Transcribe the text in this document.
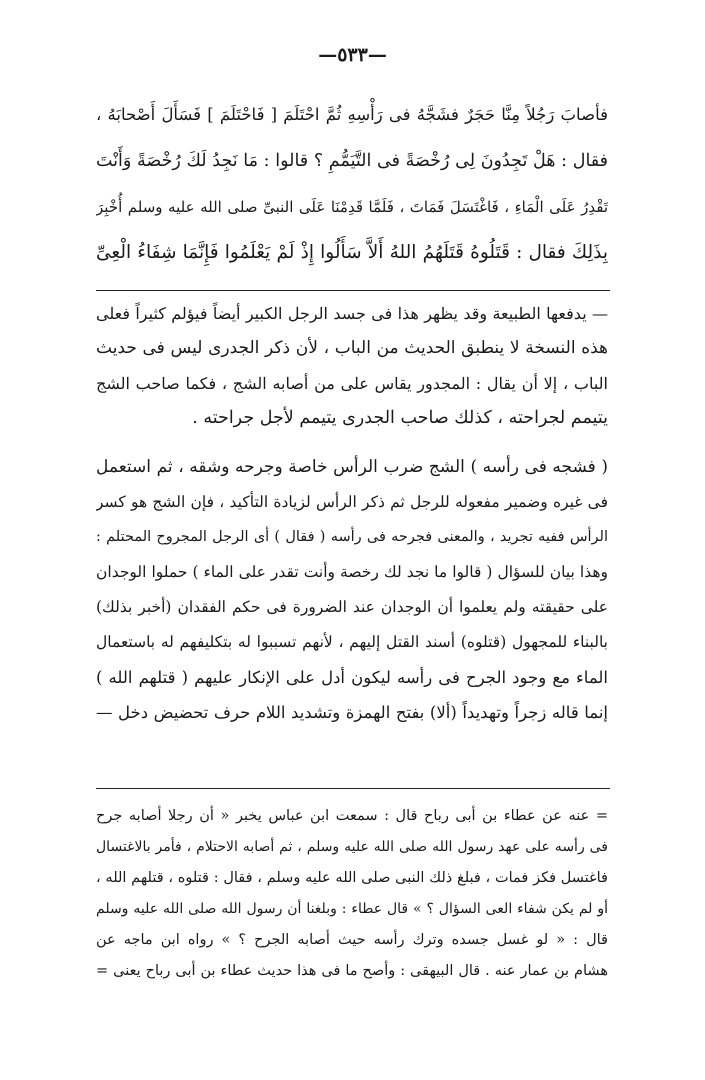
—٥٣٣—
فأصابَ رَجُلاً مِنَّا حَجَرٌ فشَجَّهُ فى رَأْسِهِ ثُمَّ احْتَلَمَ [ فَاحْتَلَمَ ] فَسَأَلَ أَصْحابَهُ ،
فقال : هَلْ تَجِدُونَ لِى رُخْصَةً فى التَّيَمُّمِ ؟ قالوا : مَا نَجِدُ لَكَ رُخْصَةً وَأَنْتَ
تَقْدِرُ عَلَى الْمَاءِ ، فَاغْتَسَلَ فَمَاتَ ، فَلَمَّا قَدِمْنَا عَلَى النبىِّ صلى الله عليه وسلم أُخْبِرَ
بِذَلِكَ فقال : قَتَلُوهُ قَتَلَهُمُ اللهُ أَلاَّ سَأَلُوا إِذْ لَمْ يَعْلَمُوا فَإِنَّمَا شِفَاءُ الْعِىِّ
— يدفعها الطبيعة وقد يظهر هذا فى جسد الرجل الكبير أيضاً فيؤلم كثيراً فعلى
هذه النسخة لا ينطبق الحديث من الباب ، لأن ذكر الجدرى ليس فى حديث
الباب ، إلا أن يقال : المجدور يقاس على من أصابه الشج ، فكما صاحب الشج
يتيمم لجراحته ، كذلك صاحب الجدرى يتيمم لأجل جراحته .
( فشجه فى رأسه ) الشج ضرب الرأس خاصة وجرحه وشقه ، ثم استعمل
فى غيره وضمير مفعوله للرجل ثم ذكر الرأس لزيادة التأكيد ، فإن الشج هو كسر
الرأس ففيه تجريد ، والمعنى فجرحه فى رأسه ( فقال ) أى الرجل المجروح المحتلم :
وهذا بيان للسؤال ( قالوا ما نجد لك رخصة وأنت تقدر على الماء ) حملوا الوجدان
على حقيقته ولم يعلموا أن الوجدان عند الضرورة فى حكم الفقدان (أخبر بذلك)
بالبناء للمجهول (قتلوه) أسند القتل إليهم ، لأنهم تسببوا له بتكليفهم له باستعمال
الماء مع وجود الجرح فى رأسه ليكون أدل على الإنكار عليهم ( قتلهم الله )
إنما قاله زجراً وتهديداً (ألا) بفتح الهمزة وتشديد اللام حرف تحضيض دخل —
= عنه عن عطاء بن أبى رباح قال : سمعت ابن عباس يخبر « أن رجلا أصابه جرح
فى رأسه على عهد رسول الله صلى الله عليه وسلم ، ثم أصابه الاحتلام ، فأمر بالاغتسال
فاغتسل فكز فمات ، فبلغ ذلك النبى صلى الله عليه وسلم ، فقال : قتلوه ، قتلهم الله ،
أو لم يكن شفاء العى السؤال ؟ » قال عطاء : وبلغنا أن رسول الله صلى الله عليه وسلم
قال : « لو غسل جسده وترك رأسه حيث أصابه الجرح ؟ » رواه ابن ماجه عن
هشام بن عمار عنه . قال البيهقى : وأصح ما فى هذا حديث عطاء بن أبى رباح يعنى =
